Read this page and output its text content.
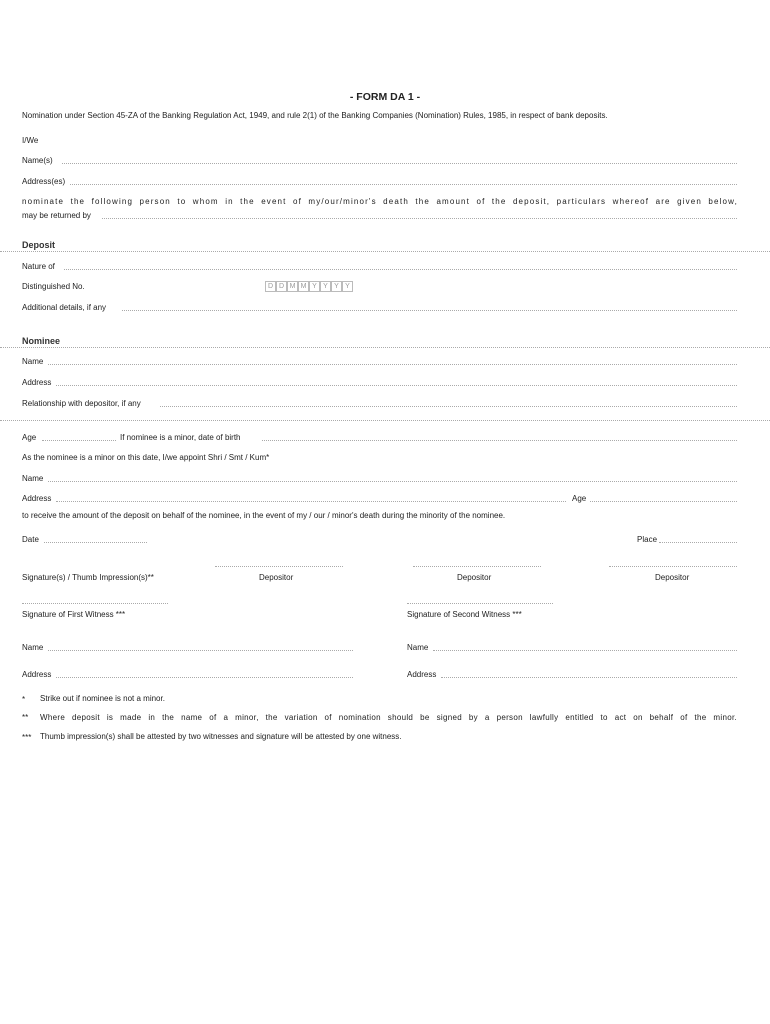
- FORM DA 1 -
Nomination under Section 45-ZA of the Banking Regulation Act, 1949, and rule 2(1) of the Banking Companies (Nomination) Rules, 1985, in respect of bank deposits.
I/We
Name(s)
Address(es)
nominate the following person to whom in the event of my/our/minor's death the amount of the deposit, particulars whereof are given below,
may be returned by
Deposit
Nature of
Distinguished No.	D D M M Y Y Y Y
Additional details, if any
Nominee
Name
Address
Relationship with depositor, if any
Age	If nominee is a minor, date of birth
As the nominee is a minor on this date, I/we appoint Shri / Smt / Kum*
Name
Address	Age
to receive the amount of the deposit on behalf of the nominee, in the event of my / our / minor's death during the minority of the nominee.
Date	Place
Signature(s) / Thumb Impression(s)**	Depositor	Depositor	Depositor
Signature of First Witness ***	Signature of Second Witness ***
Name	Name
Address	Address
* Strike out if nominee is not a minor.
** Where deposit is made in the name of a minor, the variation of nomination should be signed by a person lawfully entitled to act on behalf of the minor.
*** Thumb impression(s) shall be attested by two witnesses and signature will be attested by one witness.
